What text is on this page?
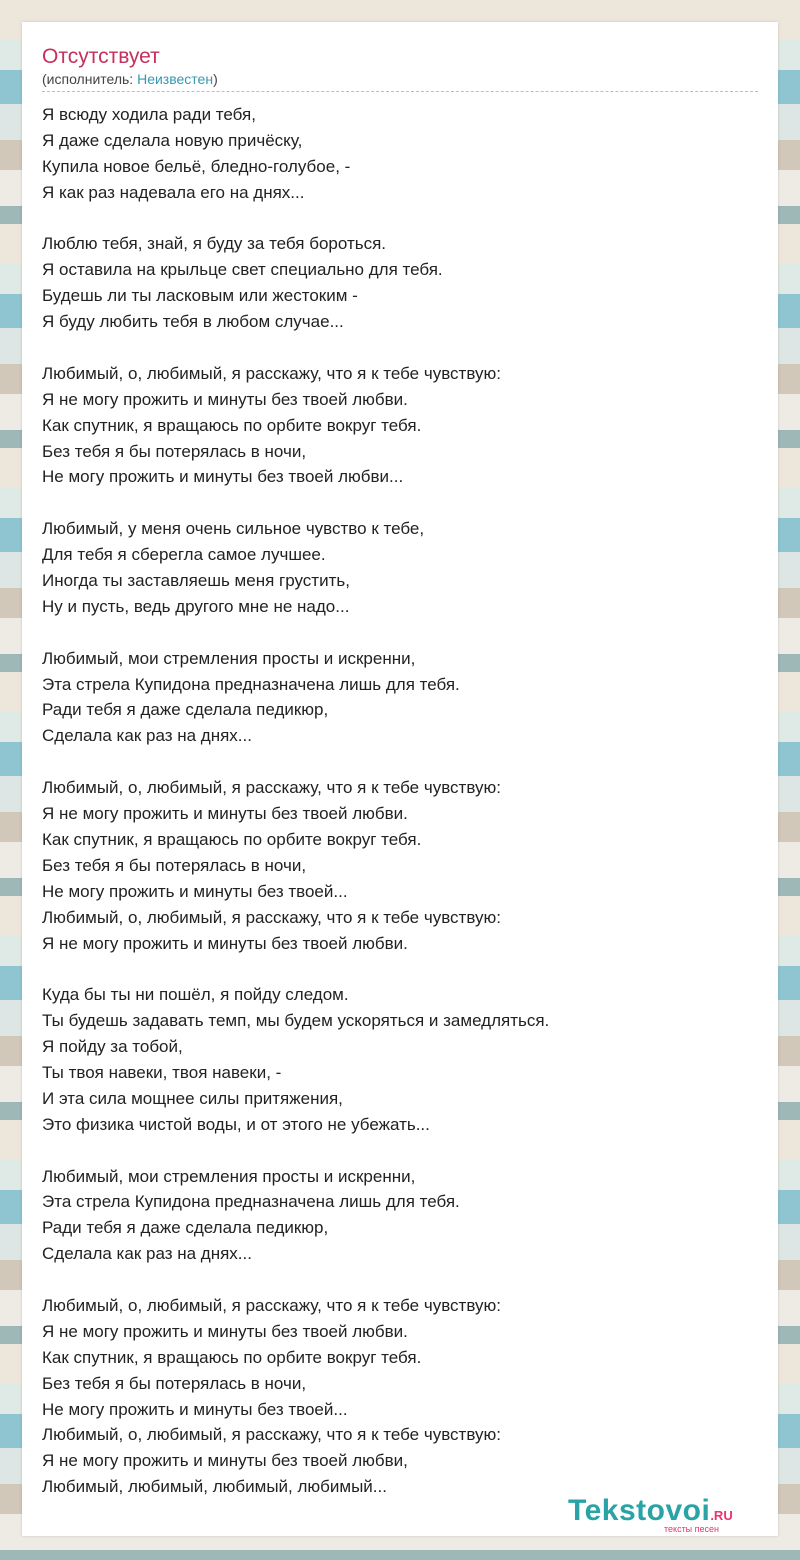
Отсутствует
(исполнитель: Неизвестен)
Я всюду ходила ради тебя,
Я даже сделала новую причёску,
Купила новое бельё, бледно-голубое, -
Я как раз надевала его на днях...
Люблю тебя, знай, я буду за тебя бороться.
Я оставила на крыльце свет специально для тебя.
Будешь ли ты ласковым или жестоким -
Я буду любить тебя в любом случае...
Любимый, о, любимый, я расскажу, что я к тебе чувствую:
Я не могу прожить и минуты без твоей любви.
Как спутник, я вращаюсь по орбите вокруг тебя.
Без тебя я бы потерялась в ночи,
Не могу прожить и минуты без твоей любви...
Любимый, у меня очень сильное чувство к тебе,
Для тебя я сберегла самое лучшее.
Иногда ты заставляешь меня грустить,
Ну и пусть, ведь другого мне не надо...
Любимый, мои стремления просты и искренни,
Эта стрела Купидона предназначена лишь для тебя.
Ради тебя я даже сделала педикюр,
Сделала как раз на днях...
Любимый, о, любимый, я расскажу, что я к тебе чувствую:
Я не могу прожить и минуты без твоей любви.
Как спутник, я вращаюсь по орбите вокруг тебя.
Без тебя я бы потерялась в ночи,
Не могу прожить и минуты без твоей...
Любимый, о, любимый, я расскажу, что я к тебе чувствую:
Я не могу прожить и минуты без твоей любви.
Куда бы ты ни пошёл, я пойду следом.
Ты будешь задавать темп, мы будем ускоряться и замедляться.
Я пойду за тобой,
Ты твоя навеки, твоя навеки, -
И эта сила мощнее силы притяжения,
Это физика чистой воды, и от этого не убежать...
Любимый, мои стремления просты и искренни,
Эта стрела Купидона предназначена лишь для тебя.
Ради тебя я даже сделала педикюр,
Сделала как раз на днях...
Любимый, о, любимый, я расскажу, что я к тебе чувствую:
Я не могу прожить и минуты без твоей любви.
Как спутник, я вращаюсь по орбите вокруг тебя.
Без тебя я бы потерялась в ночи,
Не могу прожить и минуты без твоей...
Любимый, о, любимый, я расскажу, что я к тебе чувствую:
Я не могу прожить и минуты без твоей любви,
Любимый, любимый, любимый, любимый...
Tekstovoi.RU
тексты песен
